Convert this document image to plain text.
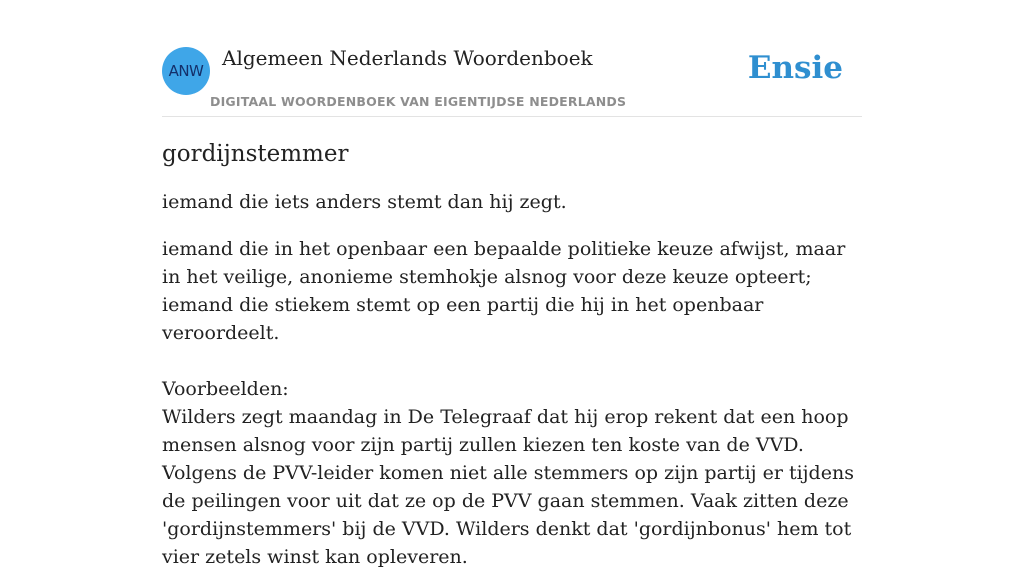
ANW
Algemeen Nederlands Woordenboek
DIGITAAL WOORDENBOEK VAN EIGENTIJDSE NEDERLANDS
Ensie
gordijnstemmer

iemand die iets anders stemt dan hij zegt.

iemand die in het openbaar een bepaalde politieke keuze afwijst, maar in het veilige, anonieme stemhokje alsnog voor deze keuze opteert; iemand die stiekem stemt op een partij die hij in het openbaar veroordeelt.

Voorbeelden:
Wilders zegt maandag in De Telegraaf dat hij erop rekent dat een hoop mensen alsnog voor zijn partij zullen kiezen ten koste van de VVD. Volgens de PVV-leider komen niet alle stemmers op zijn partij er tijdens de peilingen voor uit dat ze op de PVV gaan stemmen. Vaak zitten deze 'gordijnstemmers' bij de VVD. Wilders denkt dat 'gordijnbonus' hem tot vier zetels winst kan opleveren.
